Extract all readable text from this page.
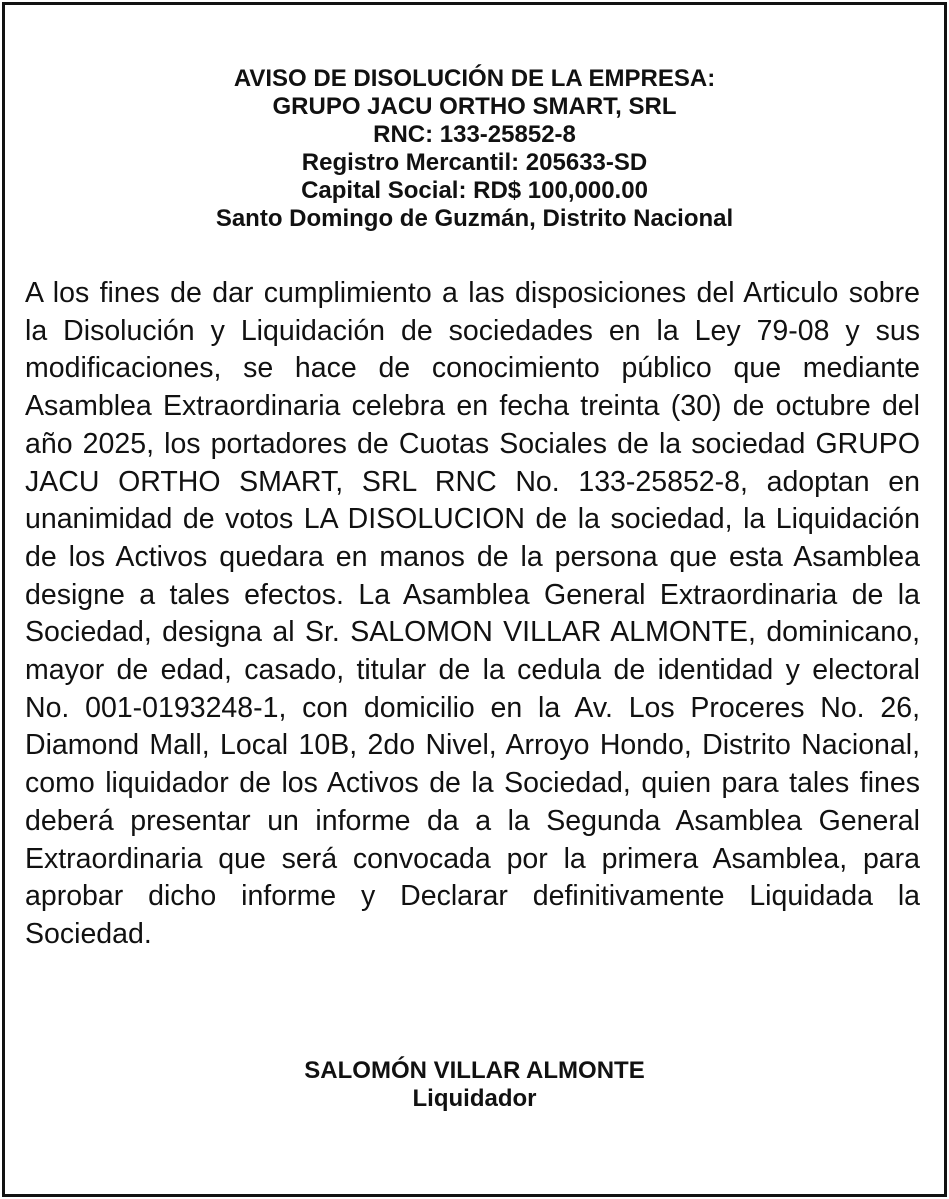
AVISO DE DISOLUCIÓN DE LA EMPRESA:
GRUPO JACU ORTHO SMART, SRL
RNC: 133-25852-8
Registro Mercantil: 205633-SD
Capital Social: RD$ 100,000.00
Santo Domingo de Guzmán, Distrito Nacional

A los fines de dar cumplimiento a las disposiciones del Articulo sobre la Disolución y Liquidación de sociedades en la Ley 79-08 y sus modificaciones, se hace de conocimiento público que mediante Asamblea Extraordinaria celebra en fecha treinta (30) de octubre del año 2025, los portadores de Cuotas Sociales de la sociedad GRUPO JACU ORTHO SMART, SRL RNC No. 133-25852-8, adoptan en unanimidad de votos LA DISOLUCION de la sociedad, la Liquidación de los Activos quedara en manos de la persona que esta Asamblea designe a tales efectos. La Asamblea General Extraordinaria de la Sociedad, designa al Sr. SALOMON VILLAR ALMONTE, dominicano, mayor de edad, casado, titular de la cedula de identidad y electoral No. 001-0193248-1, con domicilio en la Av. Los Proceres No. 26, Diamond Mall, Local 10B, 2do Nivel, Arroyo Hondo, Distrito Nacional, como liquidador de los Activos de la Sociedad, quien para tales fines deberá presentar un informe da a la Segunda Asamblea General Extraordinaria que será convocada por la primera Asamblea, para aprobar dicho informe y Declarar definitivamente Liquidada la Sociedad.

SALOMÓN VILLAR ALMONTE
Liquidador
